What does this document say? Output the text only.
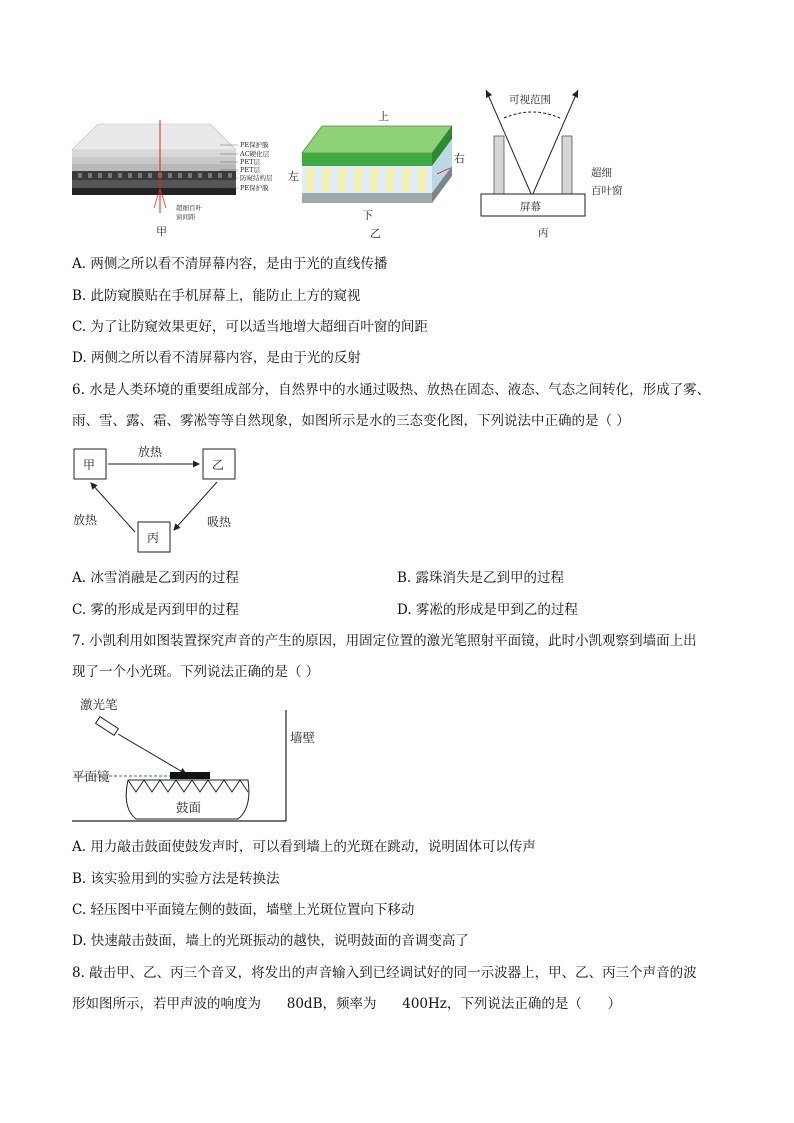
PE保护膜
AC硬化层
PET层
PET层
防窥结构层
PE保护膜
超细百叶
窗间距
甲
上
左
右
下
乙
可视范围
屏幕
超细
百叶窗
丙
A. 两侧之所以看不清屏幕内容，是由于光的直线传播
B. 此防窥膜贴在手机屏幕上，能防止上方的窥视
C. 为了让防窥效果更好，可以适当地增大超细百叶窗的间距
D. 两侧之所以看不清屏幕内容，是由于光的反射
6. 水是人类环境的重要组成部分，自然界中的水通过吸热、放热在固态、液态、气态之间转化，形成了雾、
雨、雪、露、霜、雾凇等等自然现象，如图所示是水的三态变化图，下列说法中正确的是（ ）
甲	乙
丙
放热
放热	吸热
A. 冰雪消融是乙到丙的过程	B. 露珠消失是乙到甲的过程
C. 雾的形成是丙到甲的过程	D. 雾凇的形成是甲到乙的过程
7. 小凯利用如图装置探究声音的产生的原因，用固定位置的激光笔照射平面镜，此时小凯观察到墙面上出
现了一个小光斑。下列说法正确的是（ ）
激光笔
墙壁
平面镜
鼓面
A. 用力敲击鼓面使鼓发声时，可以看到墙上的光斑在跳动，说明固体可以传声
B. 该实验用到的实验方法是转换法
C. 轻压图中平面镜左侧的鼓面，墙壁上光斑位置向下移动
D. 快速敲击鼓面，墙上的光斑振动的越快，说明鼓面的音调变高了
8. 敲击甲、乙、丙三个音叉，将发出的声音输入到已经调试好的同一示波器上，甲、乙、丙三个声音的波
形如图所示，若甲声波的响度为      80dB，频率为      400Hz，下列说法正确的是（      ）
